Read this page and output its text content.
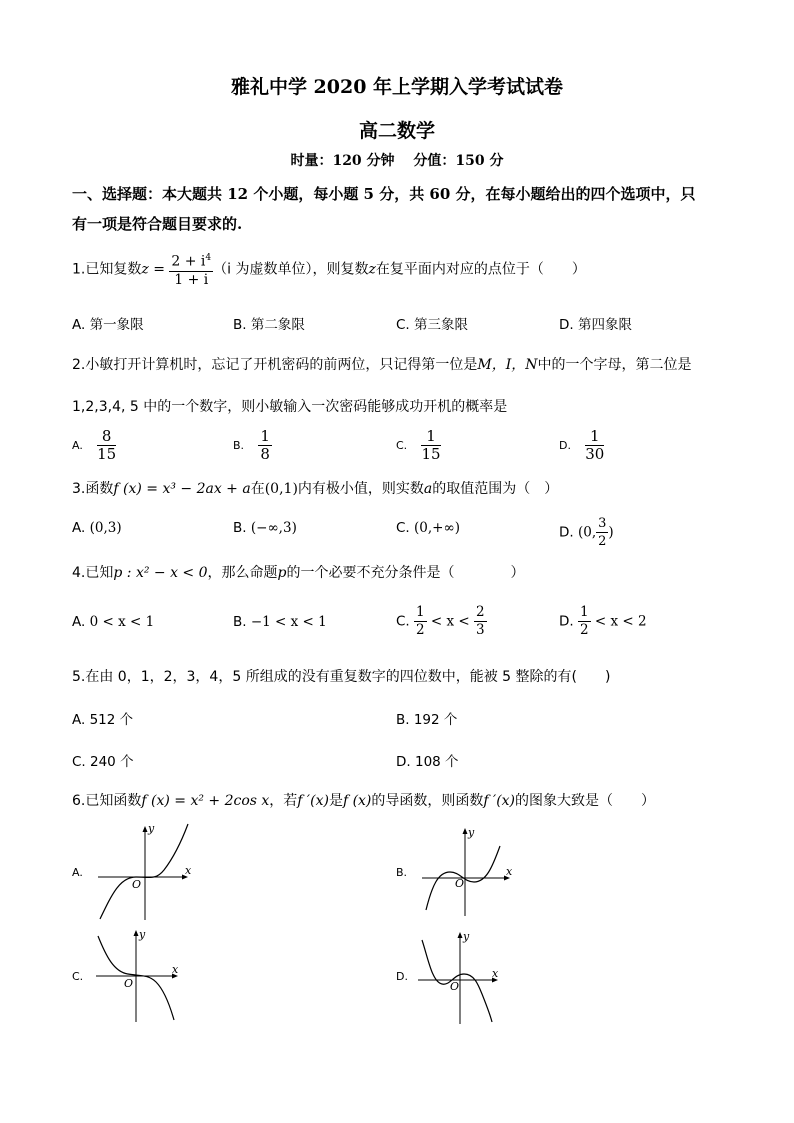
雅礼中学 2020 年上学期入学考试试卷
高二数学
时量：120 分钟　 分值：150 分
一、选择题：本大题共 12 个小题，每小题 5 分，共 60 分，在每小题给出的四个选项中，只
有一项是符合题目要求的.
1.已知复数$z = \frac{2 + i^4}{1 + i} (i$ 为虚数单位），则复数z在复平面内对应的点位于（　　）
A. 第一象限	B. 第二象限	C. 第三象限	D. 第四象限
2.小敏打开计算机时，忘记了开机密码的前两位，只记得第一位是M，I，N中的一个字母，第二位是
1,2,3,4, 5 中的一个数字，则小敏输入一次密码能够成功开机的概率是
A. $\frac{8}{15}$	B. $\frac{1}{8}$	C. $\frac{1}{15}$	D. $\frac{1}{30}$
3.函数f (x) = x³ − 2ax + a在(0,1)内有极小值，则实数a的取值范围为（　）
A. (0,3)	B. (−∞,3)	C. (0,+∞)	D. (0, $\frac{3}{2}$ )
4.已知p : x² − x < 0，那么命题p的一个必要不充分条件是（　　　　）
A. 0 < x < 1	B. −1 < x < 1	C. $\frac{1}{2} < x < \frac{2}{3}$	D. $\frac{1}{2} < x < 2$
5.在由 0，1，2，3，4，5 所组成的没有重复数字的四位数中，能被 5 整除的有(　　)
A. 512 个	B. 192 个
C. 240 个	D. 108 个
6.已知函数f (x) = x² + 2cos x，若f ′(x)是f (x)的导函数，则函数f ′(x)的图象大致是（　　）
A.	x
y
O
B.	x
y
O
C.
x
y
O
D.	x
y
O
